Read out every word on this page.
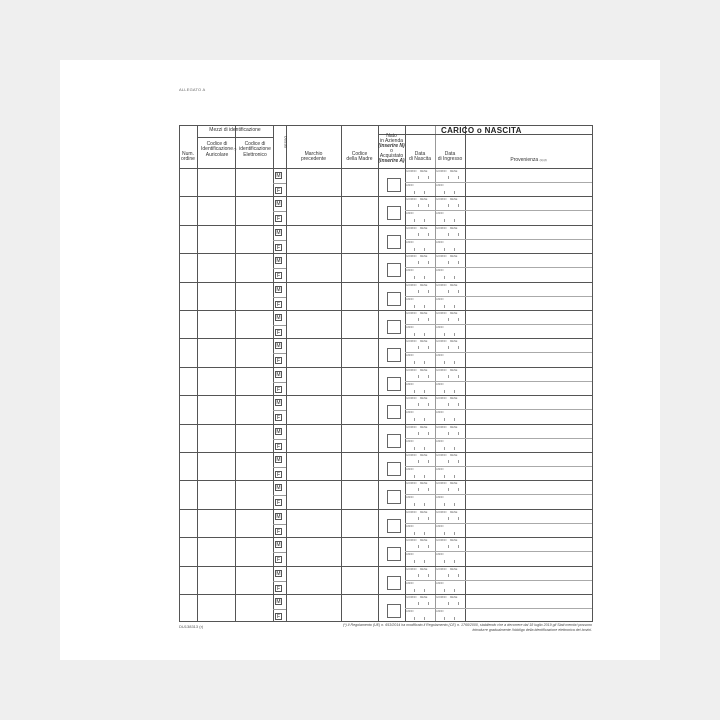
ALLEGATO A
CARICO o NASCITA
Mezzi di identificazione
Num.
ordine
Codice di
Identificazione
Auricolare
(*)
Codice di
identificazione
Elettronico
SESSO
Marchio
precedente
Codice
della Madre
Nato
in Azienda
(inserire N)
o
Acquistato
(inserire A)
Data
di Nascita
Data
di Ingresso	Provenienza $^{(1) (2)}$
M
F
GIORNO MESE
ANNO
GIORNO MESE
ANNO
M
F
GIORNO MESE
ANNO
GIORNO MESE
ANNO
M
F
GIORNO MESE
ANNO
GIORNO MESE
ANNO
M
F
GIORNO MESE
ANNO
GIORNO MESE
ANNO
M
F
GIORNO MESE
ANNO
GIORNO MESE
ANNO
M
F
GIORNO MESE
ANNO
GIORNO MESE
ANNO
M
F
GIORNO MESE
ANNO
GIORNO MESE
ANNO
M
F
GIORNO MESE
ANNO
GIORNO MESE
ANNO
M
F
GIORNO MESE
ANNO
GIORNO MESE
ANNO
M
F
GIORNO MESE
ANNO
GIORNO MESE
ANNO
M
F
GIORNO MESE
ANNO
GIORNO MESE
ANNO
M
F
GIORNO MESE
ANNO
GIORNO MESE
ANNO
M
F
GIORNO MESE
ANNO
GIORNO MESE
ANNO
M
F
GIORNO MESE
ANNO
GIORNO MESE
ANNO
M
F
GIORNO MESE
ANNO
GIORNO MESE
ANNO
M
F
GIORNO MESE
ANNO
GIORNO MESE
ANNO
DU138313 (r)	(*) Il Regolamento (UE) n. 653/2014 ha modificato il Regolamento (CE) n. 1760/2000, stabilendo che a decorrere dal 18 luglio 2019 gli Stati membri possono introdurre gradualmente l'obbligo della identificazione elettronica dei bovini.
